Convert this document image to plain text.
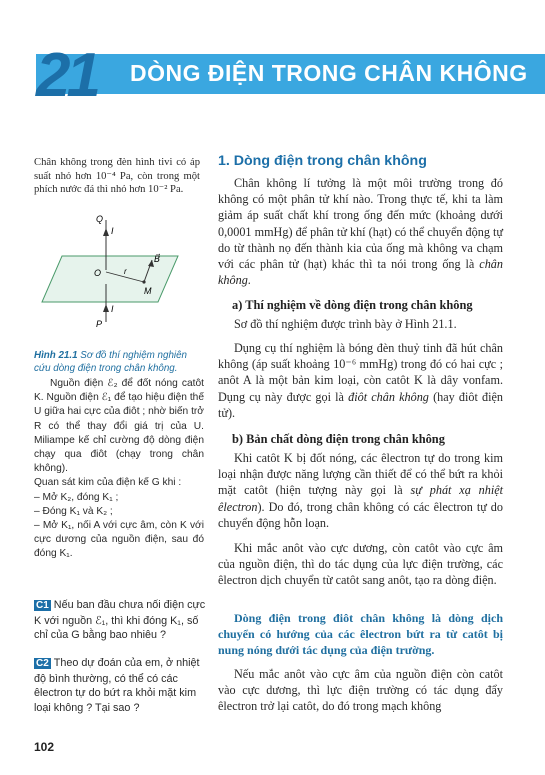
21 DÒNG ĐIỆN TRONG CHÂN KHÔNG

Chân không trong đèn hình tivi có áp suất nhỏ hơn 10⁻⁴ Pa, còn trong một phích nước đá thì nhỏ hơn 10⁻² Pa.

Q
I
O	r
B⃗
M
I
P

Hình 21.1 Sơ đồ thí nghiệm nghiên cứu dòng điện trong chân không.

Nguồn điện ℰ₂ để đốt nóng catôt K. Nguồn điện ℰ₁ để tạo hiệu điện thế U giữa hai cực của điôt ; nhờ biến trở R có thể thay đổi giá trị của U. Miliampe kế chỉ cường độ dòng điện chạy qua điôt (chạy trong chân không).

Quan sát kim của điện kế G khi :

– Mở K₂, đóng K₁ ;

– Đóng K₁ và K₂ ;

– Mở K₁, nối A với cực âm, còn K với cực dương của nguồn điện, sau đó đóng K₁.

C1 Nếu ban đầu chưa nối điện cực K với nguồn ℰ₁, thì khi đóng K₁, số chỉ của G bằng bao nhiêu ?

C2 Theo dự đoán của em, ở nhiệt độ bình thường, có thể có các êlectron tự do bứt ra khỏi mặt kim loại không ? Tại sao ?

102
1. Dòng điện trong chân không

Chân không lí tưởng là một môi trường trong đó không có một phân tử khí nào. Trong thực tế, khi ta làm giảm áp suất chất khí trong ống đến mức (khoảng dưới 0,0001 mmHg) để phân tử khí (hạt) có thể chuyển động tự do từ thành nọ đến thành kia của ống mà không va chạm với các phân tử (hạt) khác thì ta nói trong ống là chân không.

a) Thí nghiệm về dòng điện trong chân không

Sơ đồ thí nghiệm được trình bày ở Hình 21.1.

Dụng cụ thí nghiệm là bóng đèn thuỷ tinh đã hút chân không (áp suất khoảng 10⁻⁶ mmHg) trong đó có hai cực ; anôt A là một bản kim loại, còn catôt K là dây vonfam. Dụng cụ này được gọi là điôt chân không (hay điôt điện tử).

b) Bản chất dòng điện trong chân không

Khi catôt K bị đốt nóng, các êlectron tự do trong kim loại nhận được năng lượng cần thiết để có thể bứt ra khỏi mặt catôt (hiện tượng này gọi là sự phát xạ nhiệt êlectron). Do đó, trong chân không có các êlectron tự do chuyển động hỗn loạn.

Khi mắc anôt vào cực dương, còn catôt vào cực âm của nguồn điện, thì do tác dụng của lực điện trường, các êlectron dịch chuyển từ catôt sang anôt, tạo ra dòng điện.

Dòng điện trong điôt chân không là dòng dịch chuyển có hướng của các êlectron bứt ra từ catôt bị nung nóng dưới tác dụng của điện trường.

Nếu mắc anôt vào cực âm của nguồn điện còn catôt vào cực dương, thì lực điện trường có tác dụng đẩy êlectron trở lại catôt, do đó trong mạch không
